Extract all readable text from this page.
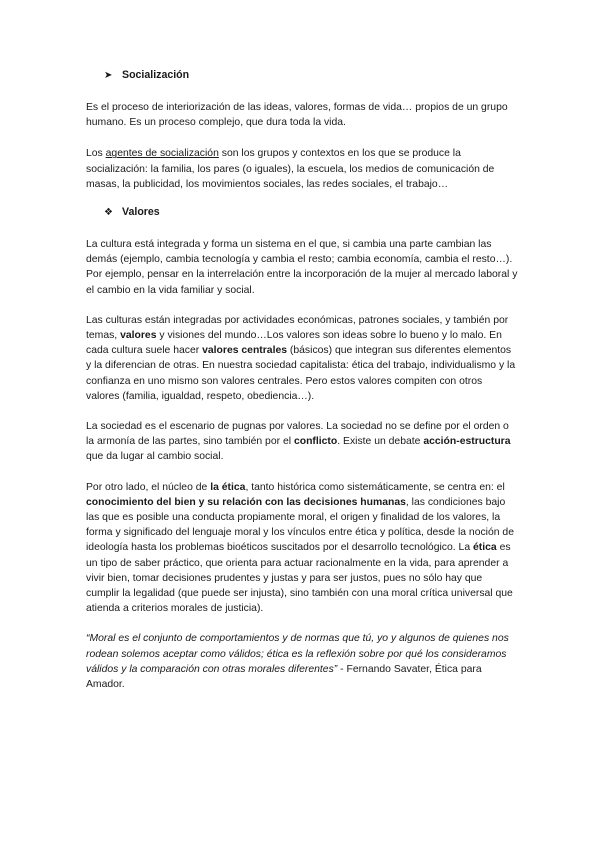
➤ Socialización

Es el proceso de interiorización de las ideas, valores, formas de vida… propios de un grupo humano. Es un proceso complejo, que dura toda la vida.

Los agentes de socialización son los grupos y contextos en los que se produce la socialización: la familia, los pares (o iguales), la escuela, los medios de comunicación de masas, la publicidad, los movimientos sociales, las redes sociales, el trabajo…

❖ Valores

La cultura está integrada y forma un sistema en el que, si cambia una parte cambian las demás (ejemplo, cambia tecnología y cambia el resto; cambia economía, cambia el resto…). Por ejemplo, pensar en la interrelación entre la incorporación de la mujer al mercado laboral y el cambio en la vida familiar y social.

Las culturas están integradas por actividades económicas, patrones sociales, y también por temas, valores y visiones del mundo…Los valores son ideas sobre lo bueno y lo malo. En cada cultura suele hacer valores centrales (básicos) que integran sus diferentes elementos y la diferencian de otras. En nuestra sociedad capitalista: ética del trabajo, individualismo y la confianza en uno mismo son valores centrales. Pero estos valores compiten con otros valores (familia, igualdad, respeto, obediencia…).

La sociedad es el escenario de pugnas por valores. La sociedad no se define por el orden o la armonía de las partes, sino también por el conflicto. Existe un debate acción-estructura que da lugar al cambio social.

Por otro lado, el núcleo de la ética, tanto histórica como sistemáticamente, se centra en: el conocimiento del bien y su relación con las decisiones humanas, las condiciones bajo las que es posible una conducta propiamente moral, el origen y finalidad de los valores, la forma y significado del lenguaje moral y los vínculos entre ética y política, desde la noción de ideología hasta los problemas bioéticos suscitados por el desarrollo tecnológico. La ética es un tipo de saber práctico, que orienta para actuar racionalmente en la vida, para aprender a vivir bien, tomar decisiones prudentes y justas y para ser justos, pues no sólo hay que cumplir la legalidad (que puede ser injusta), sino también con una moral crítica universal que atienda a criterios morales de justicia).

“Moral es el conjunto de comportamientos y de normas que tú, yo y algunos de quienes nos rodean solemos aceptar como válidos; ética es la reflexión sobre por qué los consideramos válidos y la comparación con otras morales diferentes” - Fernando Savater, Ética para Amador.
